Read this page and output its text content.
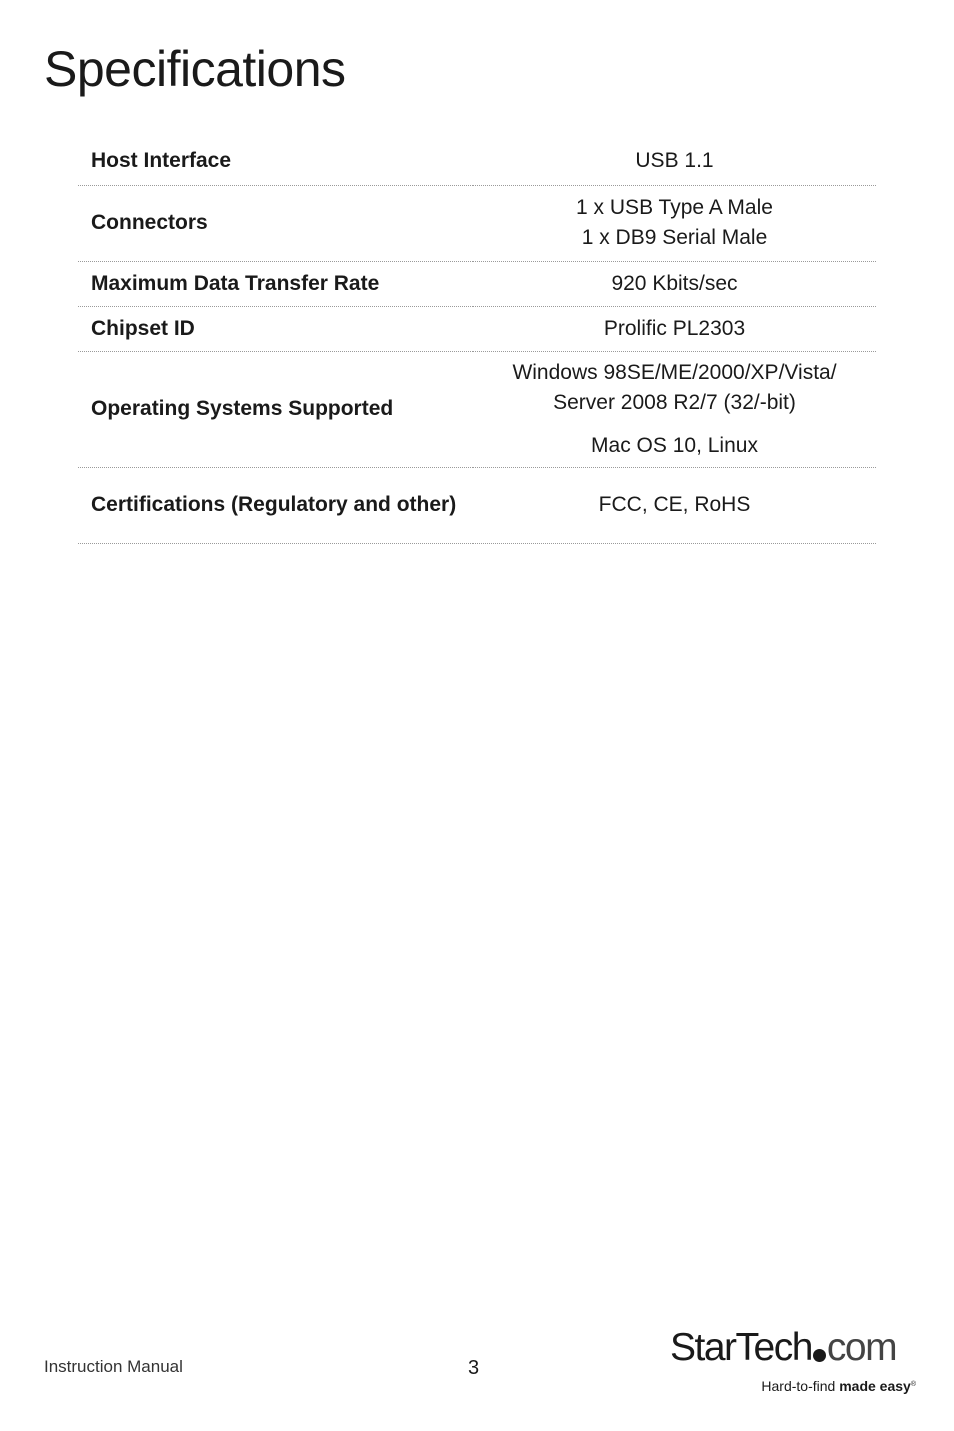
Specifications
Host Interface	USB 1.1

Connectors	1 x USB Type A Male
1 x DB9 Serial Male

Maximum Data Transfer Rate	920 Kbits/sec

Chipset ID	Prolific PL2303

Operating Systems Supported	Windows 98SE/ME/2000/XP/Vista/
Server 2008 R2/7 (32/-bit)
Mac OS 10, Linux

Certifications (Regulatory and other)	FCC, CE, RoHS
Instruction Manual	3	StarTech com
Hard-to-find made easy®
